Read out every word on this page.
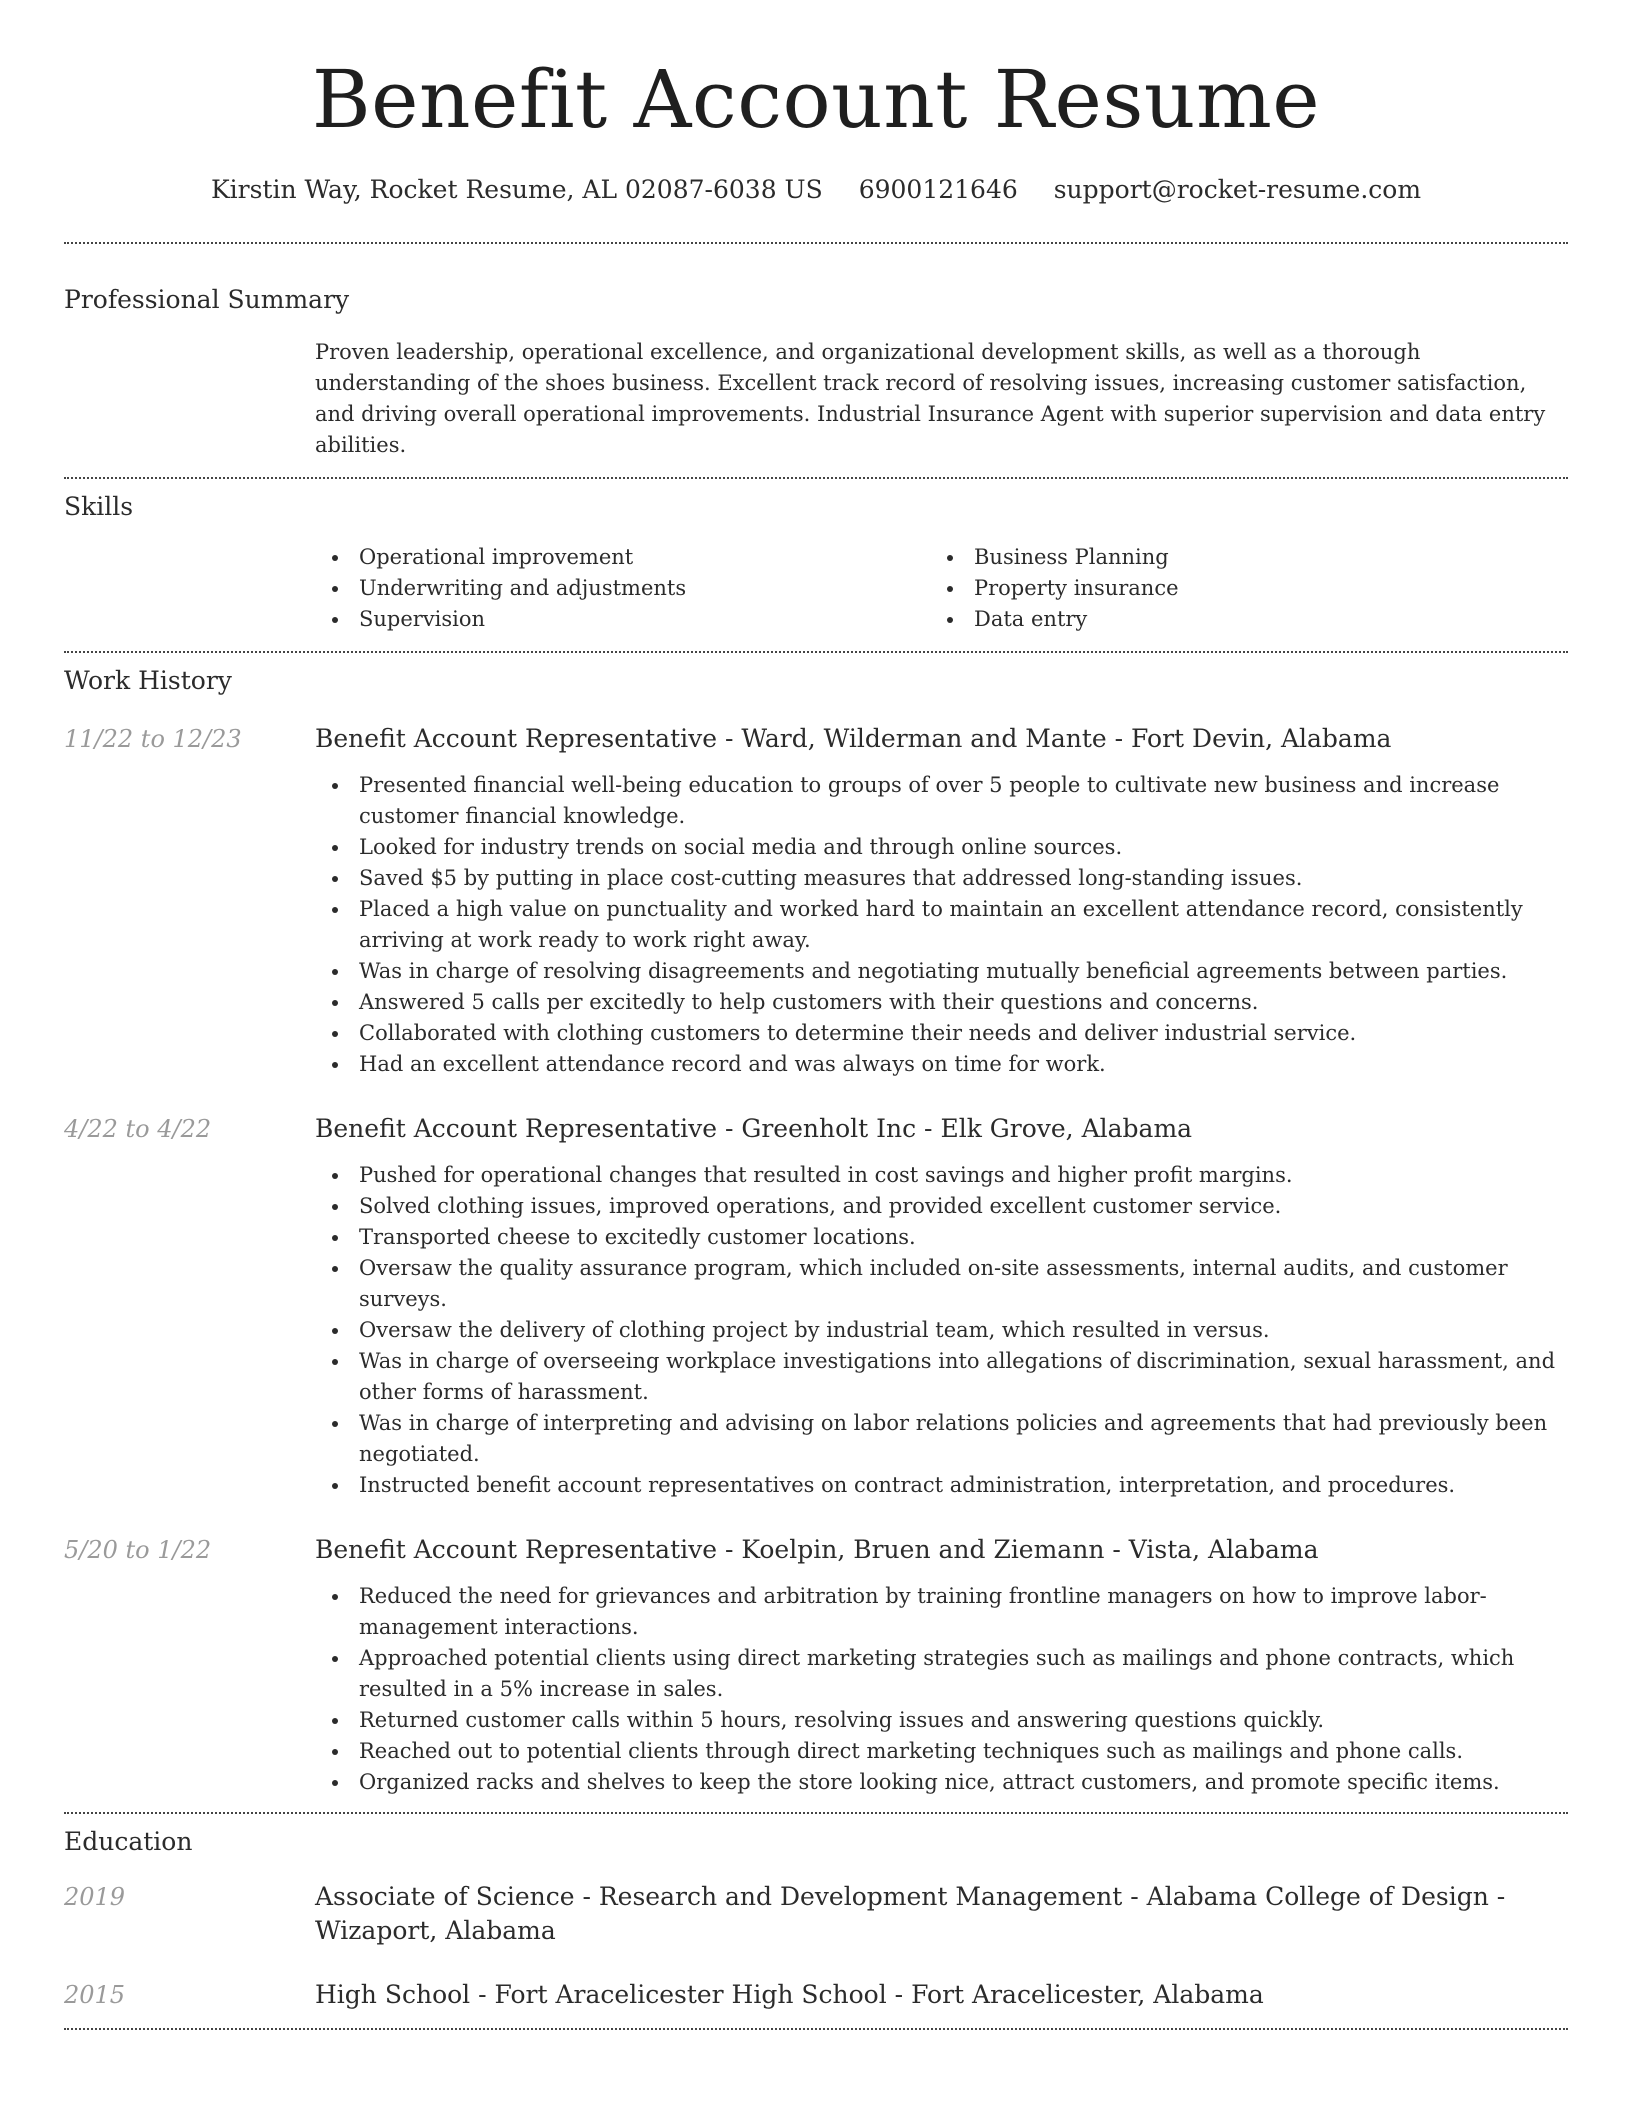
Benefit Account Resume
Kirstin Way, Rocket Resume, AL 02087-6038 US 6900121646 support@rocket-resume.com
Professional Summary

Proven leadership, operational excellence, and organizational development skills, as well as a thorough understanding of the shoes business. Excellent track record of resolving issues, increasing customer satisfaction, and driving overall operational improvements. Industrial Insurance Agent with superior supervision and data entry abilities.

Skills
Operational improvement
Underwriting and adjustments
Supervision
Business Planning
Property insurance
Data entry
Work History
11/22 to 12/23	Benefit Account Representative - Ward, Wilderman and Mante - Fort Devin, Alabama
Presented financial well-being education to groups of over 5 people to cultivate new business and increase customer financial knowledge.
Looked for industry trends on social media and through online sources.
Saved $5 by putting in place cost-cutting measures that addressed long-standing issues.
Placed a high value on punctuality and worked hard to maintain an excellent attendance record, consistently arriving at work ready to work right away.
Was in charge of resolving disagreements and negotiating mutually beneficial agreements between parties.
Answered 5 calls per excitedly to help customers with their questions and concerns.
Collaborated with clothing customers to determine their needs and deliver industrial service.
Had an excellent attendance record and was always on time for work.
4/22 to 4/22	Benefit Account Representative - Greenholt Inc - Elk Grove, Alabama
Pushed for operational changes that resulted in cost savings and higher profit margins.
Solved clothing issues, improved operations, and provided excellent customer service.
Transported cheese to excitedly customer locations.
Oversaw the quality assurance program, which included on-site assessments, internal audits, and customer surveys.
Oversaw the delivery of clothing project by industrial team, which resulted in versus.
Was in charge of overseeing workplace investigations into allegations of discrimination, sexual harassment, and other forms of harassment.
Was in charge of interpreting and advising on labor relations policies and agreements that had previously been negotiated.
Instructed benefit account representatives on contract administration, interpretation, and procedures.
5/20 to 1/22	Benefit Account Representative - Koelpin, Bruen and Ziemann - Vista, Alabama
Reduced the need for grievances and arbitration by training frontline managers on how to improve labor-management interactions.
Approached potential clients using direct marketing strategies such as mailings and phone contracts, which resulted in a 5% increase in sales.
Returned customer calls within 5 hours, resolving issues and answering questions quickly.
Reached out to potential clients through direct marketing techniques such as mailings and phone calls.
Organized racks and shelves to keep the store looking nice, attract customers, and promote specific items.
Education
2019	Associate of Science - Research and Development Management - Alabama College of Design - Wizaport, Alabama
2015	High School - Fort Aracelicester High School - Fort Aracelicester, Alabama
